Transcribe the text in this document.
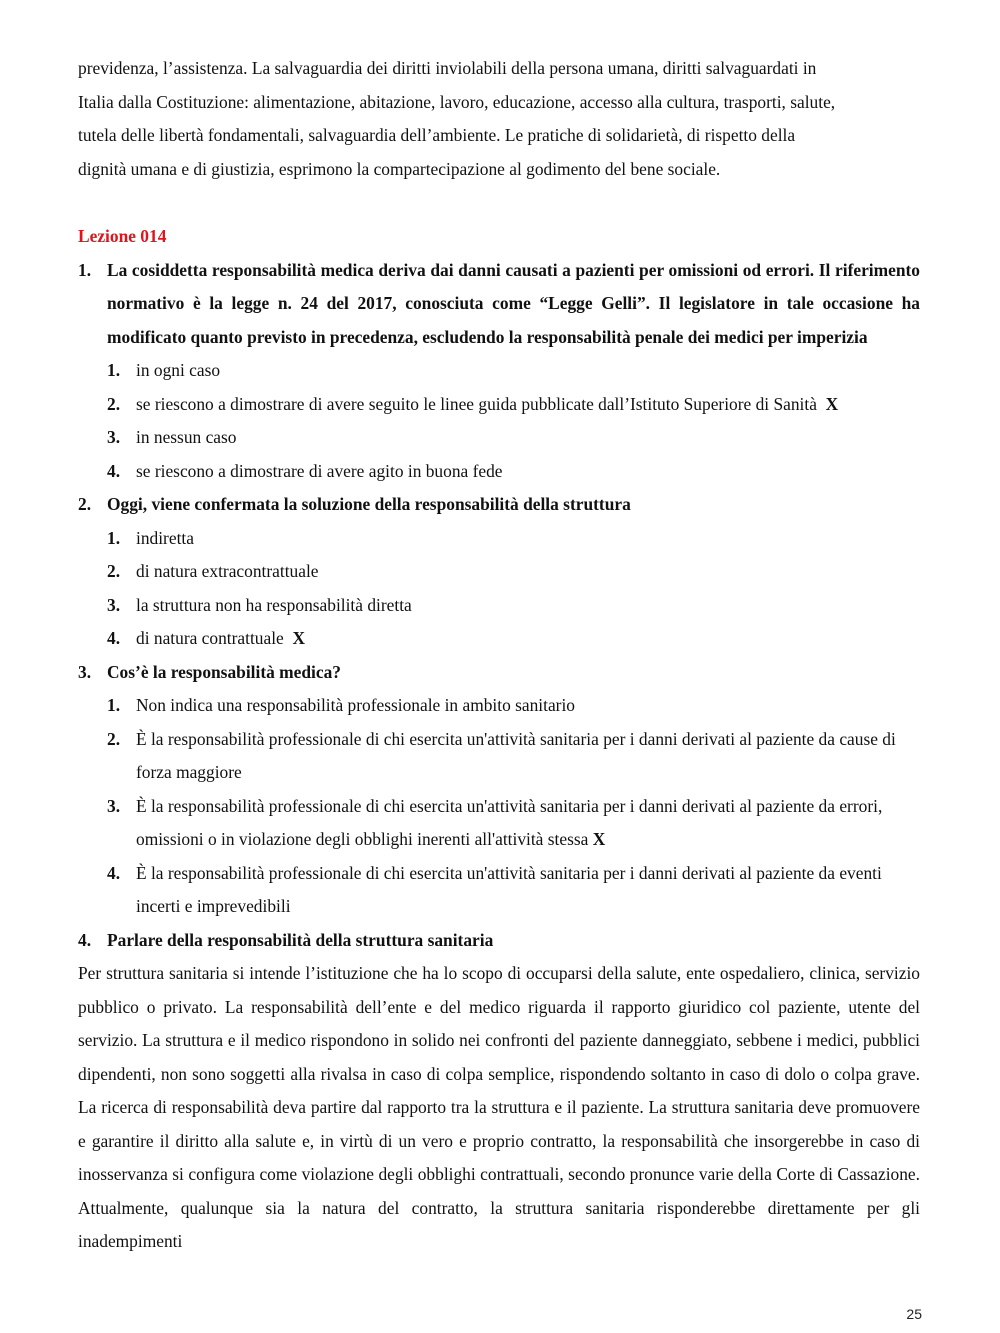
previdenza, l’assistenza. La salvaguardia dei diritti inviolabili della persona umana, diritti salvaguardati in

Italia dalla Costituzione: alimentazione, abitazione, lavoro, educazione, accesso alla cultura, trasporti, salute,

tutela delle libertà fondamentali, salvaguardia dell’ambiente. Le pratiche di solidarietà, di rispetto della

dignità umana e di giustizia, esprimono la compartecipazione al godimento del bene sociale.

Lezione 014
1. La cosiddetta responsabilità medica deriva dai danni causati a pazienti per omissioni od errori. Il riferimento normativo è la legge n. 24 del 2017, conosciuta come “Legge Gelli”. Il legislatore in tale occasione ha modificato quanto previsto in precedenza, escludendo la responsabilità penale dei medici per imperizia
1. in ogni caso
2. se riescono a dimostrare di avere seguito le linee guida pubblicate dall’Istituto Superiore di Sanità X
3. in nessun caso
4. se riescono a dimostrare di avere agito in buona fede
2. Oggi, viene confermata la soluzione della responsabilità della struttura
1. indiretta
2. di natura extracontrattuale
3. la struttura non ha responsabilità diretta
4. di natura contrattuale X
3. Cos’è la responsabilità medica?
1. Non indica una responsabilità professionale in ambito sanitario
2. È la responsabilità professionale di chi esercita un'attività sanitaria per i danni derivati al paziente da cause di forza maggiore
3. È la responsabilità professionale di chi esercita un'attività sanitaria per i danni derivati al paziente da errori, omissioni o in violazione degli obblighi inerenti all'attività stessa X
4. È la responsabilità professionale di chi esercita un'attività sanitaria per i danni derivati al paziente da eventi incerti e imprevedibili
4. Parlare della responsabilità della struttura sanitaria

Per struttura sanitaria si intende l’istituzione che ha lo scopo di occuparsi della salute, ente ospedaliero, clinica, servizio pubblico o privato. La responsabilità dell’ente e del medico riguarda il rapporto giuridico col paziente, utente del servizio. La struttura e il medico rispondono in solido nei confronti del paziente danneggiato, sebbene i medici, pubblici dipendenti, non sono soggetti alla rivalsa in caso di colpa semplice, rispondendo soltanto in caso di dolo o colpa grave. La ricerca di responsabilità deva partire dal rapporto tra la struttura e il paziente. La struttura sanitaria deve promuovere e garantire il diritto alla salute e, in virtù di un vero e proprio contratto, la responsabilità che insorgerebbe in caso di inosservanza si configura come violazione degli obblighi contrattuali, secondo pronunce varie della Corte di Cassazione. Attualmente, qualunque sia la natura del contratto, la struttura sanitaria risponderebbe direttamente per gli inadempimenti

25
